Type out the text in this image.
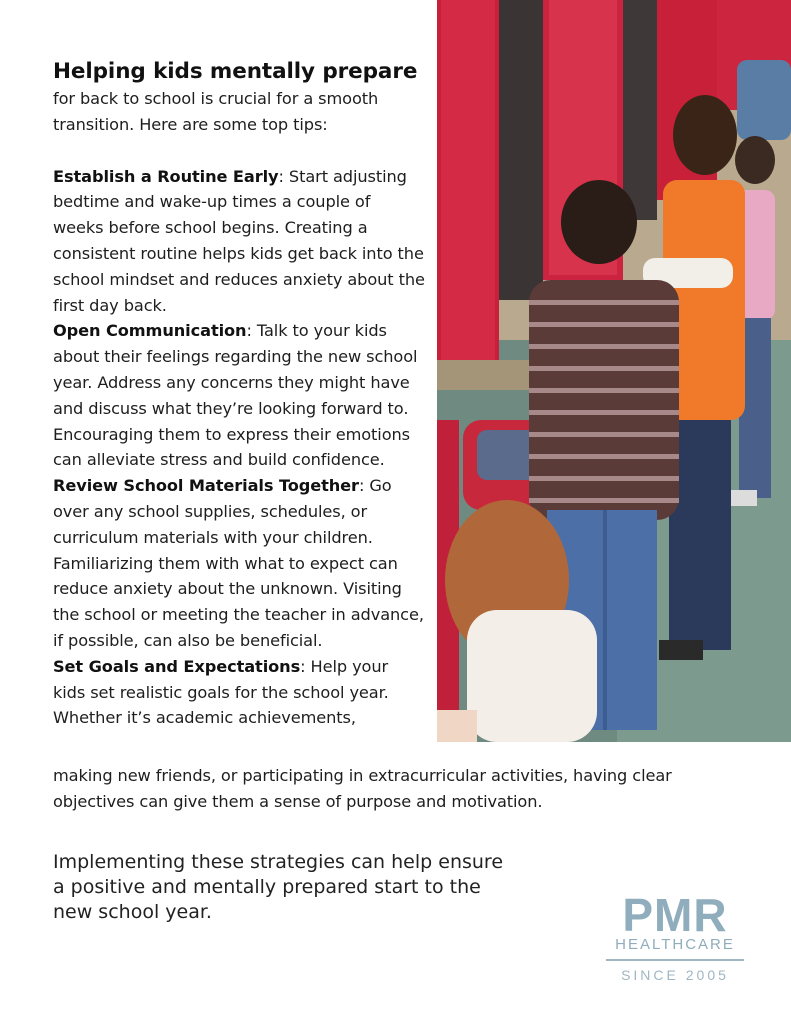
Helping kids mentally prepare

for back to school is crucial for a smooth transition. Here are some top tips:

Establish a Routine Early: Start adjusting bedtime and wake-up times a couple of weeks before school begins. Creating a consistent routine helps kids get back into the school mindset and reduces anxiety about the first day back.

Open Communication: Talk to your kids about their feelings regarding the new school year. Address any concerns they might have and discuss what they’re looking forward to. Encouraging them to express their emotions can alleviate stress and build confidence.

Review School Materials Together: Go over any school supplies, schedules, or curriculum materials with your children. Familiarizing them with what to expect can reduce anxiety about the unknown. Visiting the school or meeting the teacher in advance, if possible, can also be beneficial.

Set Goals and Expectations: Help your kids set realistic goals for the school year. Whether it’s academic achievements,

making new friends, or participating in extracurricular activities, having clear objectives can give them a sense of purpose and motivation.

Implementing these strategies can help ensure a positive and mentally prepared start to the new school year.	PMR
HEALTHCARE
SINCE 2005
